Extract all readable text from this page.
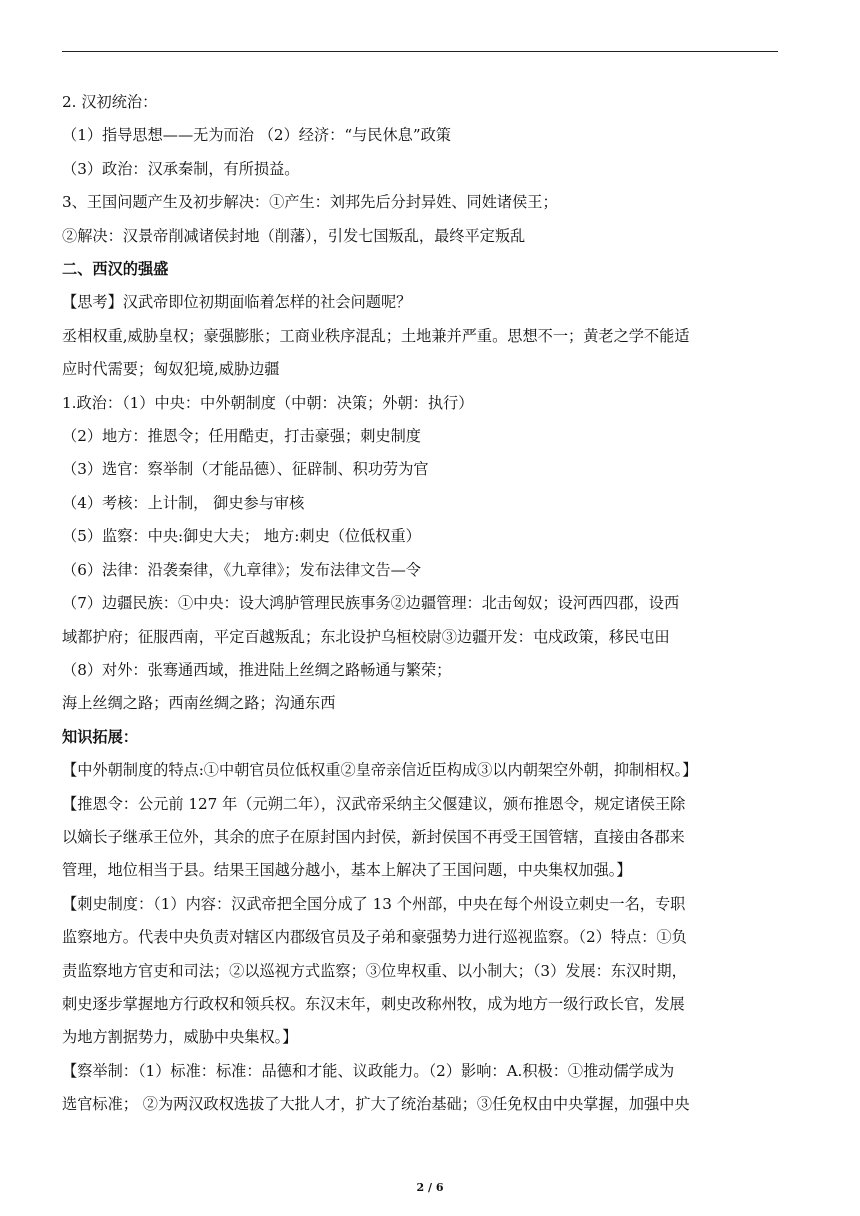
2. 汉初统治：
（1）指导思想——无为而治 （2）经济：“与民休息”政策
（3）政治：汉承秦制，有所损益。
3、王国问题产生及初步解决：①产生：刘邦先后分封异姓、同姓诸侯王；
②解决：汉景帝削减诸侯封地（削藩），引发七国叛乱，最终平定叛乱
二、西汉的强盛
【思考】汉武帝即位初期面临着怎样的社会问题呢？
丞相权重,威胁皇权；豪强膨胀；工商业秩序混乱；土地兼并严重。思想不一；黄老之学不能适
应时代需要；匈奴犯境,威胁边疆
1.政治：（1）中央：中外朝制度（中朝：决策；外朝：执行）
（2）地方：推恩令；任用酷吏，打击豪强；刺史制度
（3）选官：察举制（才能品德）、征辟制、积功劳为官
（4）考核：上计制， 御史参与审核
（5）监察：中央:御史大夫； 地方:刺史（位低权重）
（6）法律：沿袭秦律，《九章律》；发布法律文告—令
（7）边疆民族：①中央：设大鸿胪管理民族事务②边疆管理：北击匈奴；设河西四郡，设西
域都护府；征服西南，平定百越叛乱；东北设护乌桓校尉③边疆开发：屯戍政策，移民屯田
（8）对外：张骞通西域，推进陆上丝绸之路畅通与繁荣；
海上丝绸之路；西南丝绸之路；沟通东西
知识拓展：
【中外朝制度的特点:①中朝官员位低权重②皇帝亲信近臣构成③以内朝架空外朝，抑制相权。】
【推恩令：公元前 127 年（元朔二年），汉武帝采纳主父偃建议，颁布推恩令，规定诸侯王除
以嫡长子继承王位外，其余的庶子在原封国内封侯，新封侯国不再受王国管辖，直接由各郡来
管理，地位相当于县。结果王国越分越小，基本上解决了王国问题，中央集权加强。】
【刺史制度：（1）内容：汉武帝把全国分成了 13 个州部，中央在每个州设立刺史一名，专职
监察地方。代表中央负责对辖区内郡级官员及子弟和豪强势力进行巡视监察。（2）特点：①负
责监察地方官吏和司法；②以巡视方式监察；③位卑权重、以小制大；（3）发展：东汉时期，
刺史逐步掌握地方行政权和领兵权。东汉末年，刺史改称州牧，成为地方一级行政长官，发展
为地方割据势力，威胁中央集权。】
【察举制：（1）标准：标准：品德和才能、议政能力。（2）影响：A.积极：①推动儒学成为
选官标准； ②为两汉政权选拔了大批人才，扩大了统治基础；③任免权由中央掌握，加强中央
2 / 6
